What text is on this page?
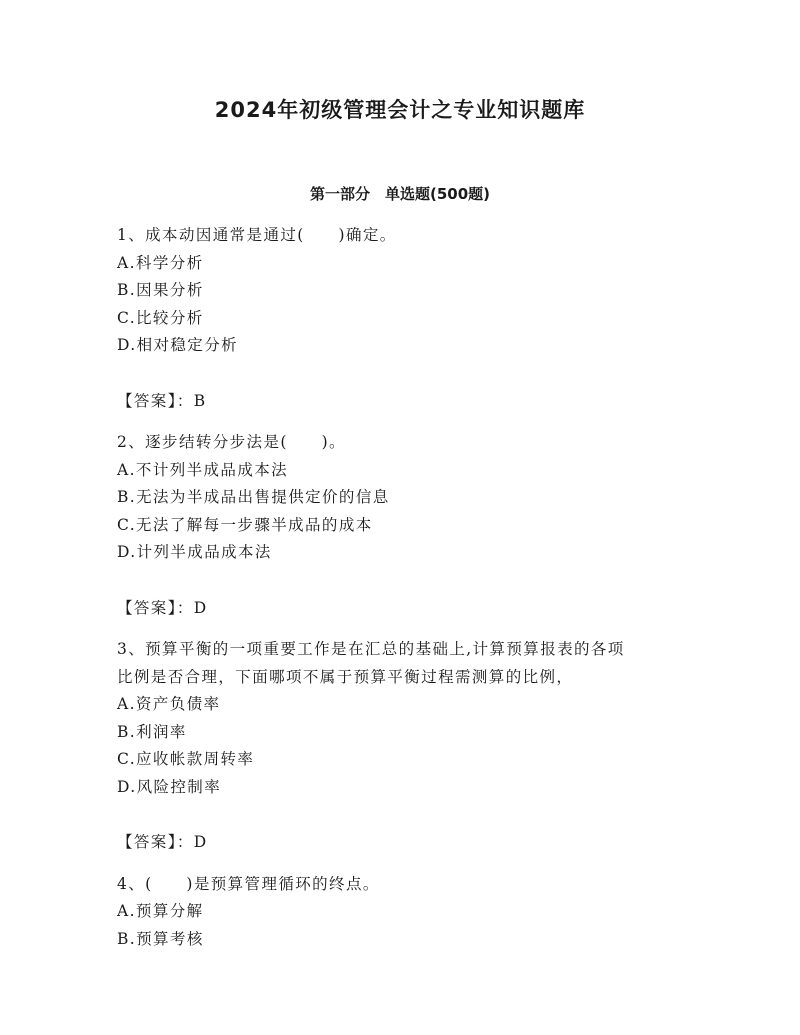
2024年初级管理会计之专业知识题库
第一部分　单选题(500题)
1、成本动因通常是通过(　　)确定。
A.科学分析
B.因果分析
C.比较分析
D.相对稳定分析
【答案】：B
2、逐步结转分步法是(　　)。
A.不计列半成品成本法
B.无法为半成品出售提供定价的信息
C.无法了解每一步骤半成品的成本
D.计列半成品成本法
【答案】：D
3、预算平衡的一项重要工作是在汇总的基础上,计算预算报表的各项
比例是否合理，下面哪项不属于预算平衡过程需测算的比例，
A.资产负债率
B.利润率
C.应收帐款周转率
D.风险控制率
【答案】：D
4、(　　)是预算管理循环的终点。
A.预算分解
B.预算考核
